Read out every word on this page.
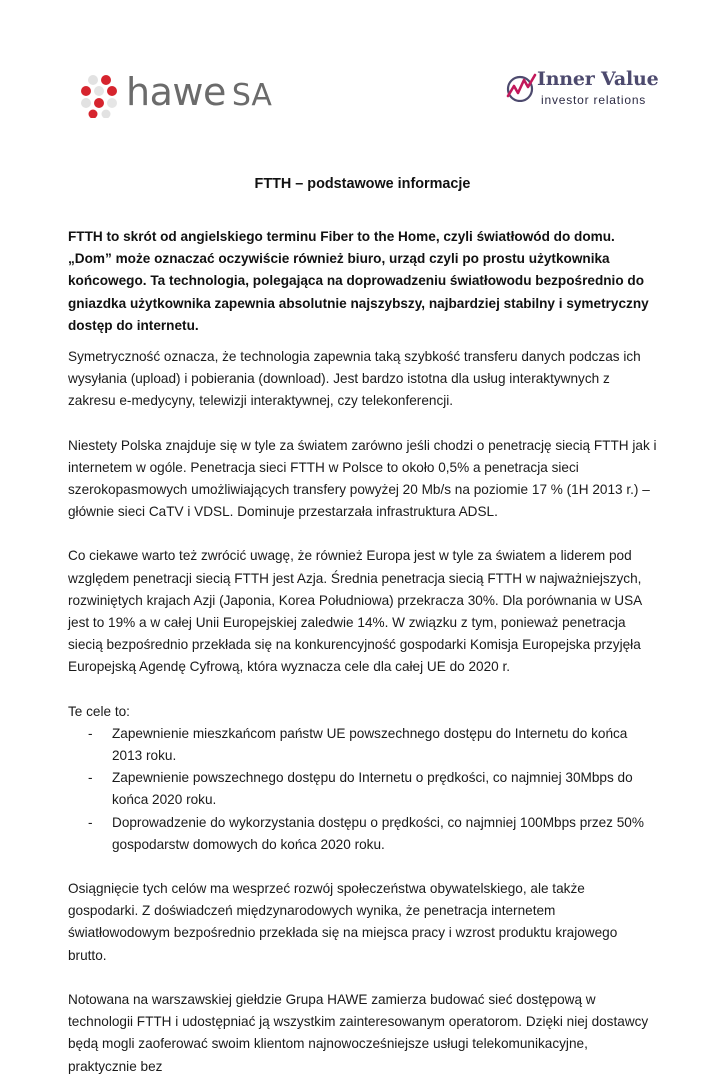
hawe SA	Inner Value
investor relations
FTTH – podstawowe informacje

FTTH to skrót od angielskiego terminu Fiber to the Home, czyli światłowód do domu. „Dom” może oznaczać oczywiście również biuro, urząd czyli po prostu użytkownika końcowego. Ta technologia, polegająca na doprowadzeniu światłowodu bezpośrednio do gniazdka użytkownika zapewnia absolutnie najszybszy, najbardziej stabilny i symetryczny dostęp do internetu.

Symetryczność oznacza, że technologia zapewnia taką szybkość transferu danych podczas ich wysyłania (upload) i pobierania (download). Jest bardzo istotna dla usług interaktywnych z zakresu e-medycyny, telewizji interaktywnej, czy telekonferencji.

Niestety Polska znajduje się w tyle za światem zarówno jeśli chodzi o penetrację siecią FTTH jak i internetem w ogóle. Penetracja sieci FTTH w Polsce to około 0,5% a penetracja sieci szerokopasmowych umożliwiających transfery powyżej 20 Mb/s na poziomie 17 % (1H 2013 r.) – głównie sieci CaTV i VDSL. Dominuje przestarzała infrastruktura ADSL.

Co ciekawe warto też zwrócić uwagę, że również Europa jest w tyle za światem a liderem pod względem penetracji siecią FTTH jest Azja. Średnia penetracja siecią FTTH w najważniejszych, rozwiniętych krajach Azji (Japonia, Korea Południowa) przekracza 30%. Dla porównania w USA jest to 19% a w całej Unii Europejskiej zaledwie 14%. W związku z tym, ponieważ penetracja siecią bezpośrednio przekłada się na konkurencyjność gospodarki Komisja Europejska przyjęła Europejską Agendę Cyfrową, która wyznacza cele dla całej UE do 2020 r.

Te cele to:

- Zapewnienie mieszkańcom państw UE powszechnego dostępu do Internetu do końca 2013 roku.
- Zapewnienie powszechnego dostępu do Internetu o prędkości, co najmniej 30Mbps do końca 2020 roku.
- Doprowadzenie do wykorzystania dostępu o prędkości, co najmniej 100Mbps przez 50% gospodarstw domowych do końca 2020 roku.

Osiągnięcie tych celów ma wesprzeć rozwój społeczeństwa obywatelskiego, ale także gospodarki. Z doświadczeń międzynarodowych wynika, że penetracja internetem światłowodowym bezpośrednio przekłada się na miejsca pracy i wzrost produktu krajowego brutto.

Notowana na warszawskiej giełdzie Grupa HAWE zamierza budować sieć dostępową w technologii FTTH i udostępniać ją wszystkim zainteresowanym operatorom. Dzięki niej dostawcy będą mogli zaoferować swoim klientom najnowocześniejsze usługi telekomunikacyjne, praktycznie bez
